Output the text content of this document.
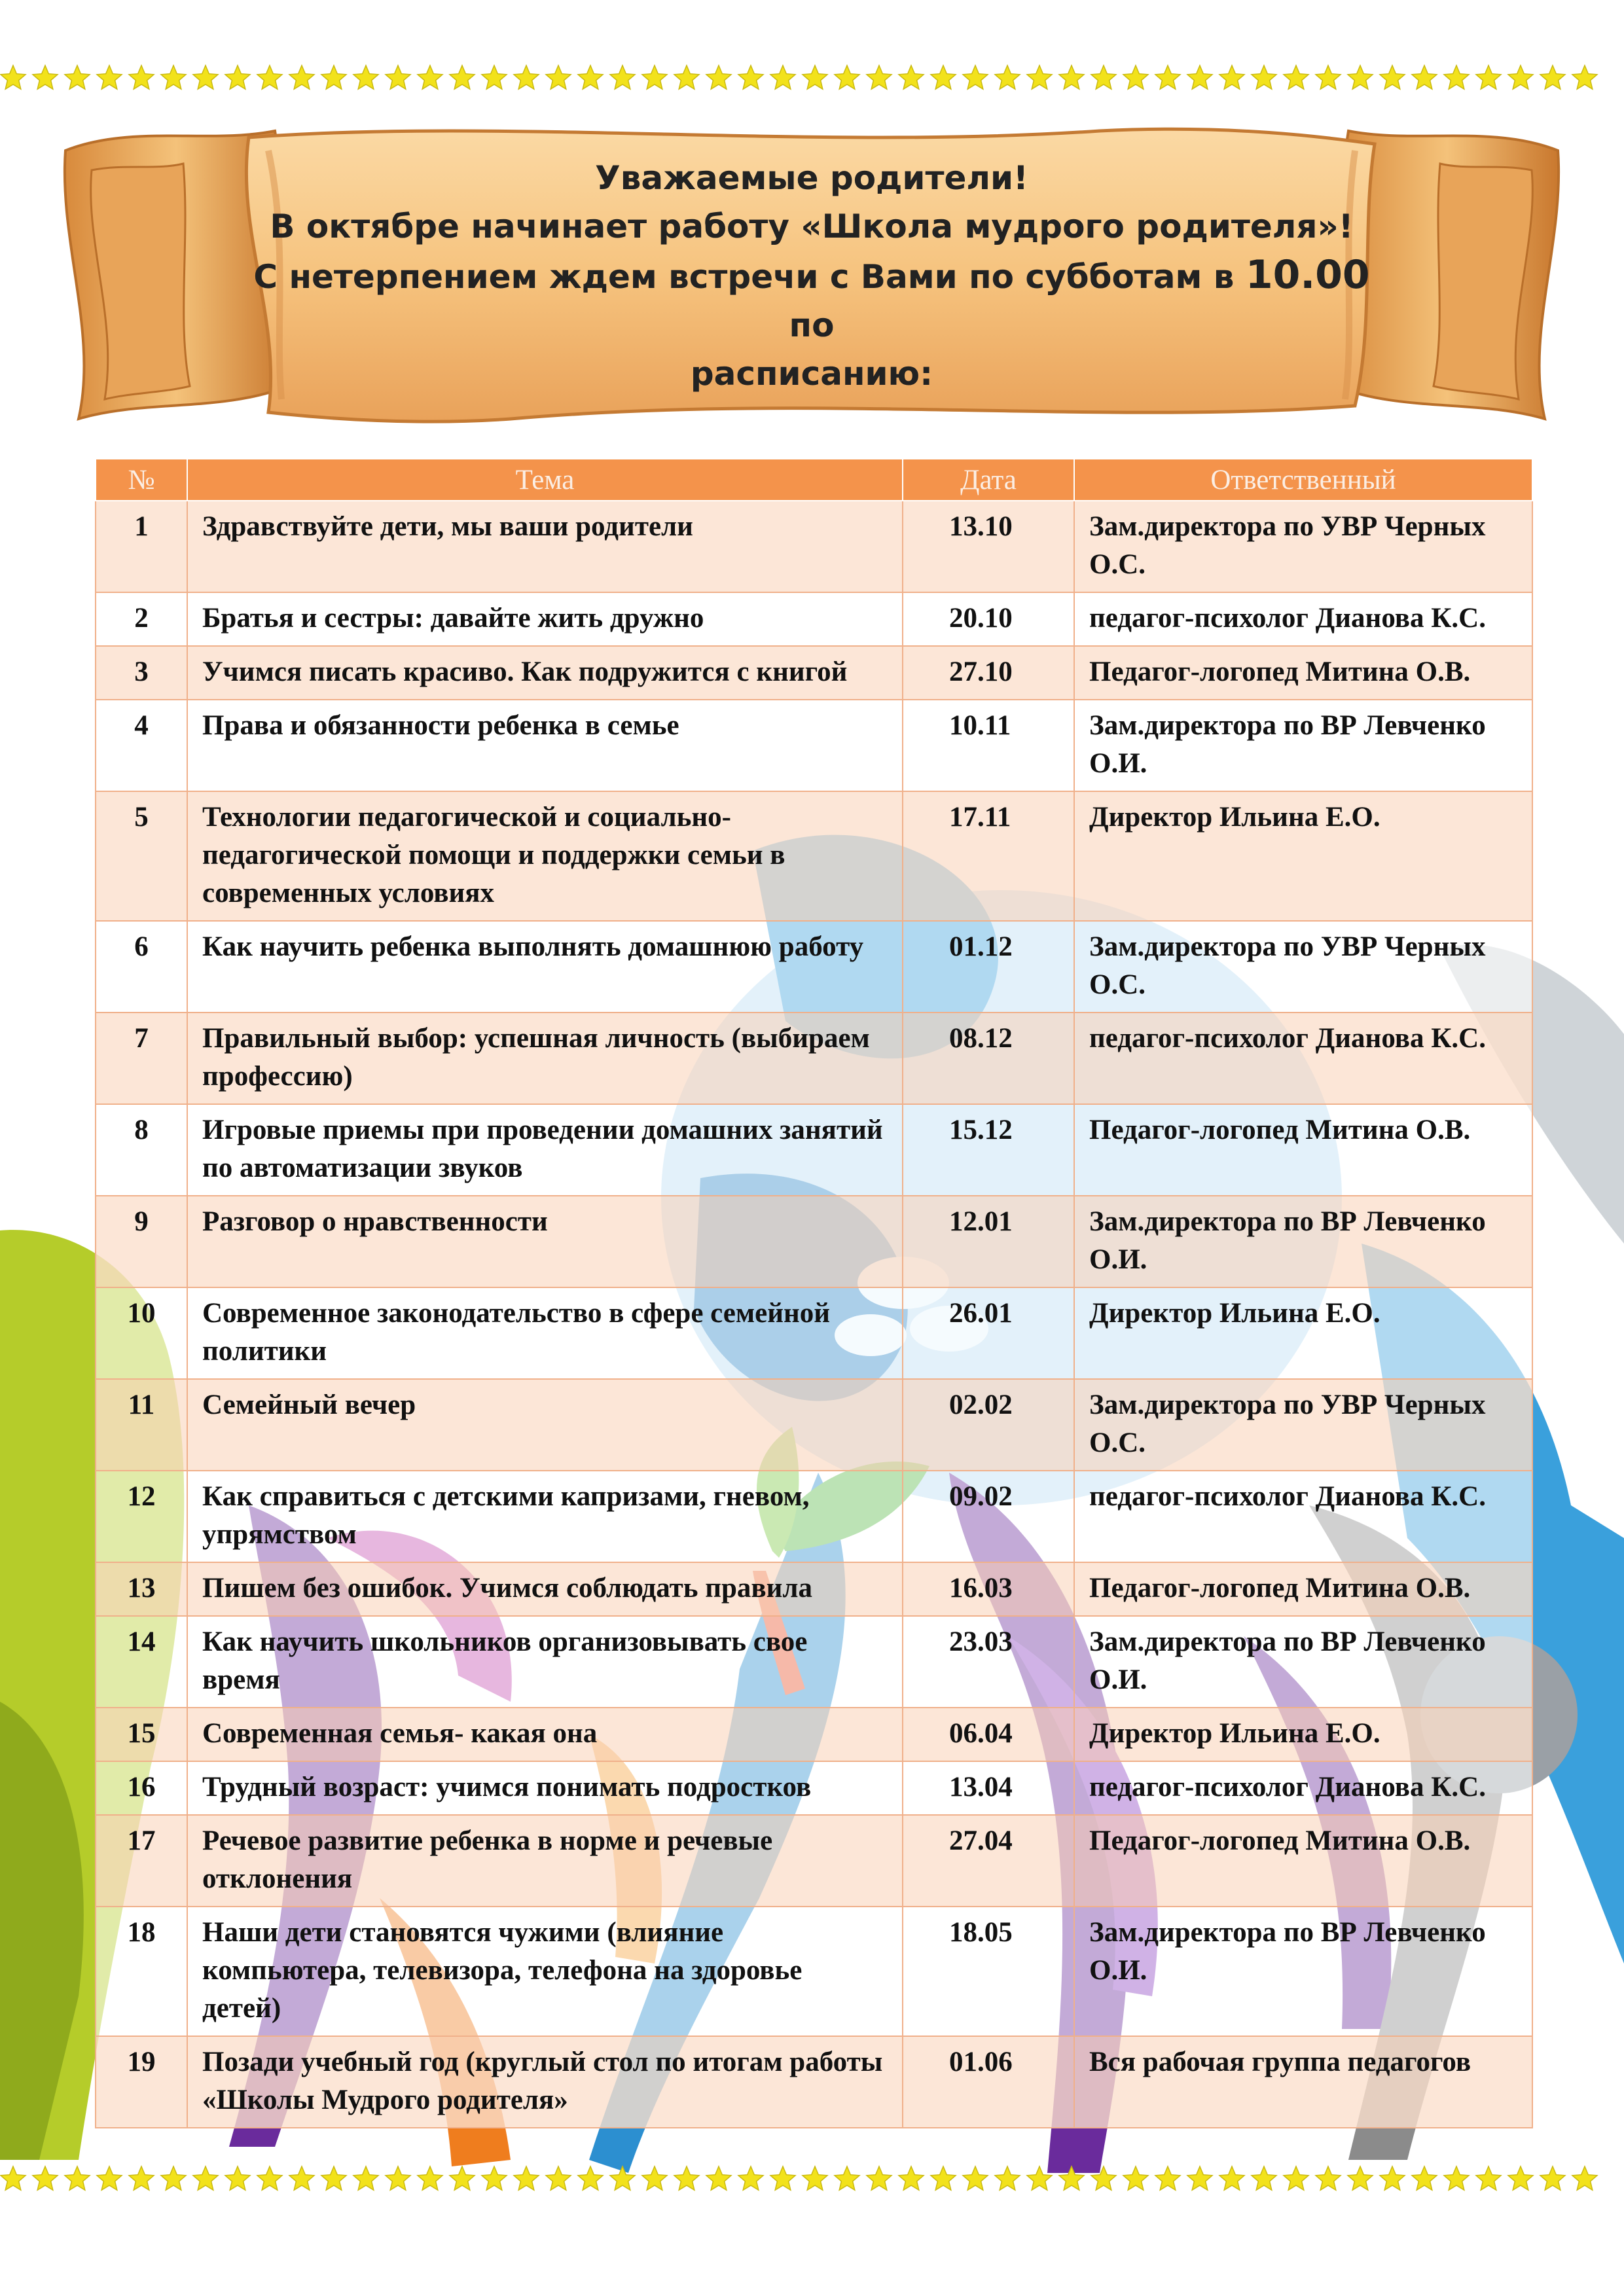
Уважаемые родители!
В октябре начинает работу «Школа мудрого родителя»!
С нетерпением ждем встречи с Вами по субботам в 10.00 по
расписанию:
№	Тема	Дата	Ответственный
1	Здравствуйте дети, мы ваши родители	13.10	Зам.директора по УВР Черных О.С.
2	Братья и сестры: давайте жить дружно	20.10	педагог-психолог Дианова К.С.
3	Учимся писать красиво. Как подружится с книгой	27.10	Педагог-логопед Митина О.В.
4	Права и обязанности ребенка в семье	10.11	Зам.директора по ВР Левченко О.И.
5	Технологии педагогической и социально-педагогической помощи и поддержки семьи в современных условиях	17.11	Директор Ильина Е.О.
6	Как научить ребенка выполнять домашнюю работу	01.12	Зам.директора по УВР Черных О.С.
7	Правильный выбор: успешная личность (выбираем профессию)	08.12	педагог-психолог Дианова К.С.
8	Игровые приемы при проведении домашних занятий по автоматизации звуков	15.12	Педагог-логопед Митина О.В.
9	Разговор о нравственности	12.01	Зам.директора по ВР Левченко О.И.
10	Современное законодательство в сфере семейной политики	26.01	Директор Ильина Е.О.
11	Семейный вечер	02.02	Зам.директора по УВР Черных О.С.
12	Как справиться с детскими капризами, гневом, упрямством	09.02	педагог-психолог Дианова К.С.
13	Пишем без ошибок. Учимся соблюдать правила	16.03	Педагог-логопед Митина О.В.
14	Как научить школьников организовывать свое время	23.03	Зам.директора по ВР Левченко О.И.
15	Современная семья- какая она	06.04	Директор Ильина Е.О.
16	Трудный возраст: учимся понимать подростков	13.04	педагог-психолог Дианова К.С.
17	Речевое развитие ребенка в норме и речевые отклонения	27.04	Педагог-логопед Митина О.В.
18	Наши дети становятся чужими (влияние компьютера, телевизора, телефона на здоровье детей)	18.05	Зам.директора по ВР Левченко О.И.
19	Позади учебный год (круглый стол по итогам работы «Школы Мудрого родителя»	01.06	Вся рабочая группа педагогов
